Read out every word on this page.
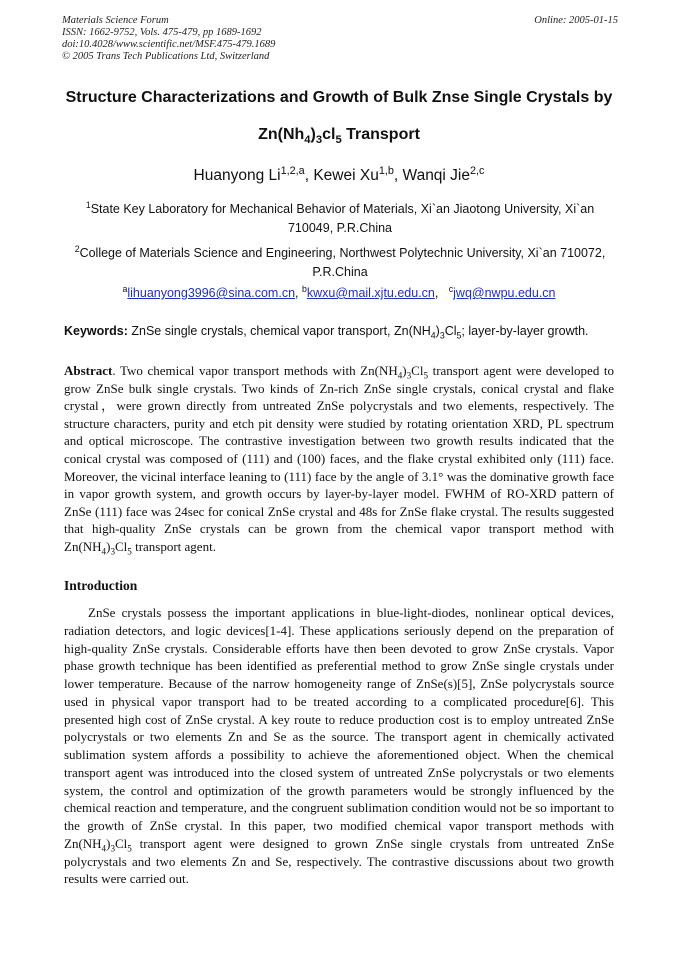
Materials Science Forum
ISSN: 1662-9752, Vols. 475-479, pp 1689-1692
doi:10.4028/www.scientific.net/MSF.475-479.1689
© 2005 Trans Tech Publications Ltd, Switzerland
Online: 2005-01-15
Structure Characterizations and Growth of Bulk Znse Single Crystals by
$Zn(Nh_4)_3cl_5$ Transport
Huanyong Li$^{1,2,a}$, Kewei Xu$^{1,b}$, Wanqi Jie$^{2,c}$
$^1$State Key Laboratory for Mechanical Behavior of Materials, Xi`an Jiaotong University, Xi`an 710049, P.R.China
$^2$College of Materials Science and Engineering, Northwest Polytechnic University, Xi`an 710072, P.R.China
$^a$lihuanyong3996@sina.com.cn, $^b$kwxu@mail.xjtu.edu.cn,   $^c$jwq@nwpu.edu.cn
Keywords: ZnSe single crystals, chemical vapor transport, $Zn(NH_4)_3Cl_5$; layer-by-layer growth.
Abstract. Two chemical vapor transport methods with $Zn(NH_4)_3Cl_5$ transport agent were developed to grow ZnSe bulk single crystals. Two kinds of Zn-rich ZnSe single crystals, conical crystal and flake crystal，were grown directly from untreated ZnSe polycrystals and two elements, respectively. The structure characters, purity and etch pit density were studied by rotating orientation XRD, PL spectrum and optical microscope. The contrastive investigation between two growth results indicated that the conical crystal was composed of (111) and (100) faces, and the flake crystal exhibited only (111) face. Moreover, the vicinal interface leaning to (111) face by the angle of 3.1° was the dominative growth face in vapor growth system, and growth occurs by layer-by-layer model. FWHM of RO-XRD pattern of ZnSe (111) face was 24sec for conical ZnSe crystal and 48s for ZnSe flake crystal. The results suggested that high-quality ZnSe crystals can be grown from the chemical vapor transport method with $Zn(NH_4)_3Cl_5$ transport agent.
Introduction
ZnSe crystals possess the important applications in blue-light-diodes, nonlinear optical devices, radiation detectors, and logic devices[1-4]. These applications seriously depend on the preparation of high-quality ZnSe crystals. Considerable efforts have then been devoted to grow ZnSe crystals. Vapor phase growth technique has been identified as preferential method to grow ZnSe single crystals under lower temperature. Because of the narrow homogeneity range of ZnSe(s)[5], ZnSe polycrystals source used in physical vapor transport had to be treated according to a complicated procedure[6]. This presented high cost of ZnSe crystal. A key route to reduce production cost is to employ untreated ZnSe polycrystals or two elements Zn and Se as the source. The transport agent in chemically activated sublimation system affords a possibility to achieve the aforementioned object. When the chemical transport agent was introduced into the closed system of untreated ZnSe polycrystals or two elements system, the control and optimization of the growth parameters would be strongly influenced by the chemical reaction and temperature, and the congruent sublimation condition would not be so important to the growth of ZnSe crystal. In this paper, two modified chemical vapor transport methods with $Zn(NH_4)_3Cl_5$ transport agent were designed to grown ZnSe single crystals from untreated ZnSe polycrystals and two elements Zn and Se, respectively. The contrastive discussions about two growth results were carried out.
